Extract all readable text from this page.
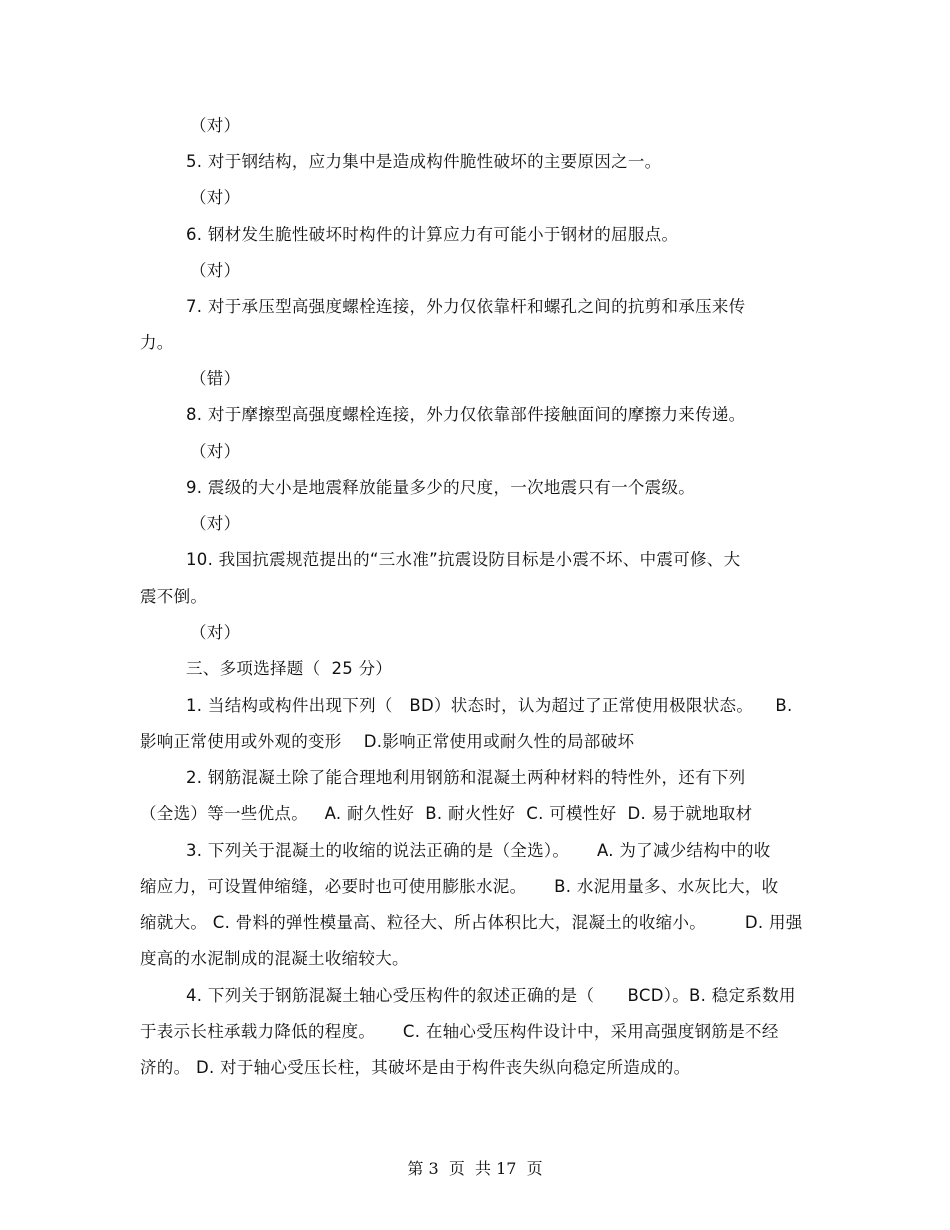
（对）
5. 对于钢结构，应力集中是造成构件脆性破坏的主要原因之一。
（对）
6. 钢材发生脆性破坏时构件的计算应力有可能小于钢材的屈服点。
（对）
7. 对于承压型高强度螺栓连接，外力仅依靠杆和螺孔之间的抗剪和承压来传
力。
（错）
8. 对于摩擦型高强度螺栓连接，外力仅依靠部件接触面间的摩擦力来传递。
（对）
9. 震级的大小是地震释放能量多少的尺度，一次地震只有一个震级。
（对）
10. 我国抗震规范提出的“三水准”抗震设防目标是小震不坏、中震可修、大
震不倒。
（对）
三、多项选择题（  25 分）
1. 当结构或构件出现下列（   BD）状态时，认为超过了正常使用极限状态。    B.
影响正常使用或外观的变形    D.影响正常使用或耐久性的局部破坏
2. 钢筋混凝土除了能合理地利用钢筋和混凝土两种材料的特性外，还有下列
（全选）等一些优点。   A. 耐久性好  B. 耐火性好  C. 可模性好  D. 易于就地取材
3. 下列关于混凝土的收缩的说法正确的是（全选）。     A. 为了减少结构中的收
缩应力，可设置伸缩缝，必要时也可使用膨胀水泥。     B. 水泥用量多、水灰比大，收
缩就大。 C. 骨料的弹性模量高、粒径大、所占体积比大，混凝土的收缩小。       D. 用强
度高的水泥制成的混凝土收缩较大。
4. 下列关于钢筋混凝土轴心受压构件的叙述正确的是（      BCD）。B. 稳定系数用
于表示长柱承载力降低的程度。     C. 在轴心受压构件设计中，采用高强度钢筋是不经
济的。 D. 对于轴心受压长柱，其破坏是由于构件丧失纵向稳定所造成的。
第 3  页  共 17  页
